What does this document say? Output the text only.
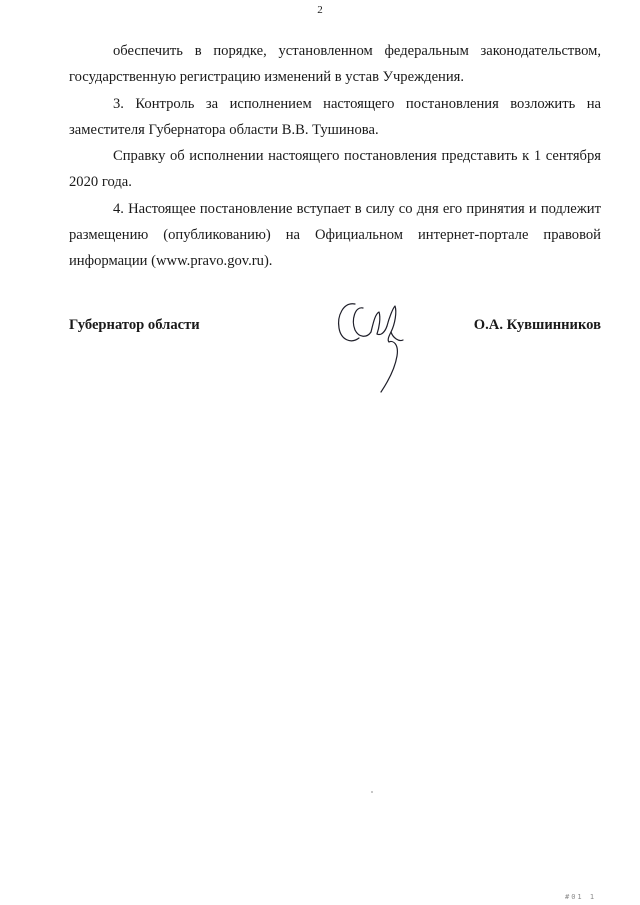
2

обеспечить в порядке, установленном федеральным законодательством, государственную регистрацию изменений в устав Учреждения.

3. Контроль за исполнением настоящего постановления возложить на заместителя Губернатора области В.В. Тушинова.

Справку об исполнении настоящего постановления представить к 1 сентября 2020 года.

4. Настоящее постановление вступает в силу со дня его принятия и подлежит размещению (опубликованию) на Официальном интернет-портале правовой информации (www.pravo.gov.ru).

Губернатор области	О.А. Кувшинников
#01 1
